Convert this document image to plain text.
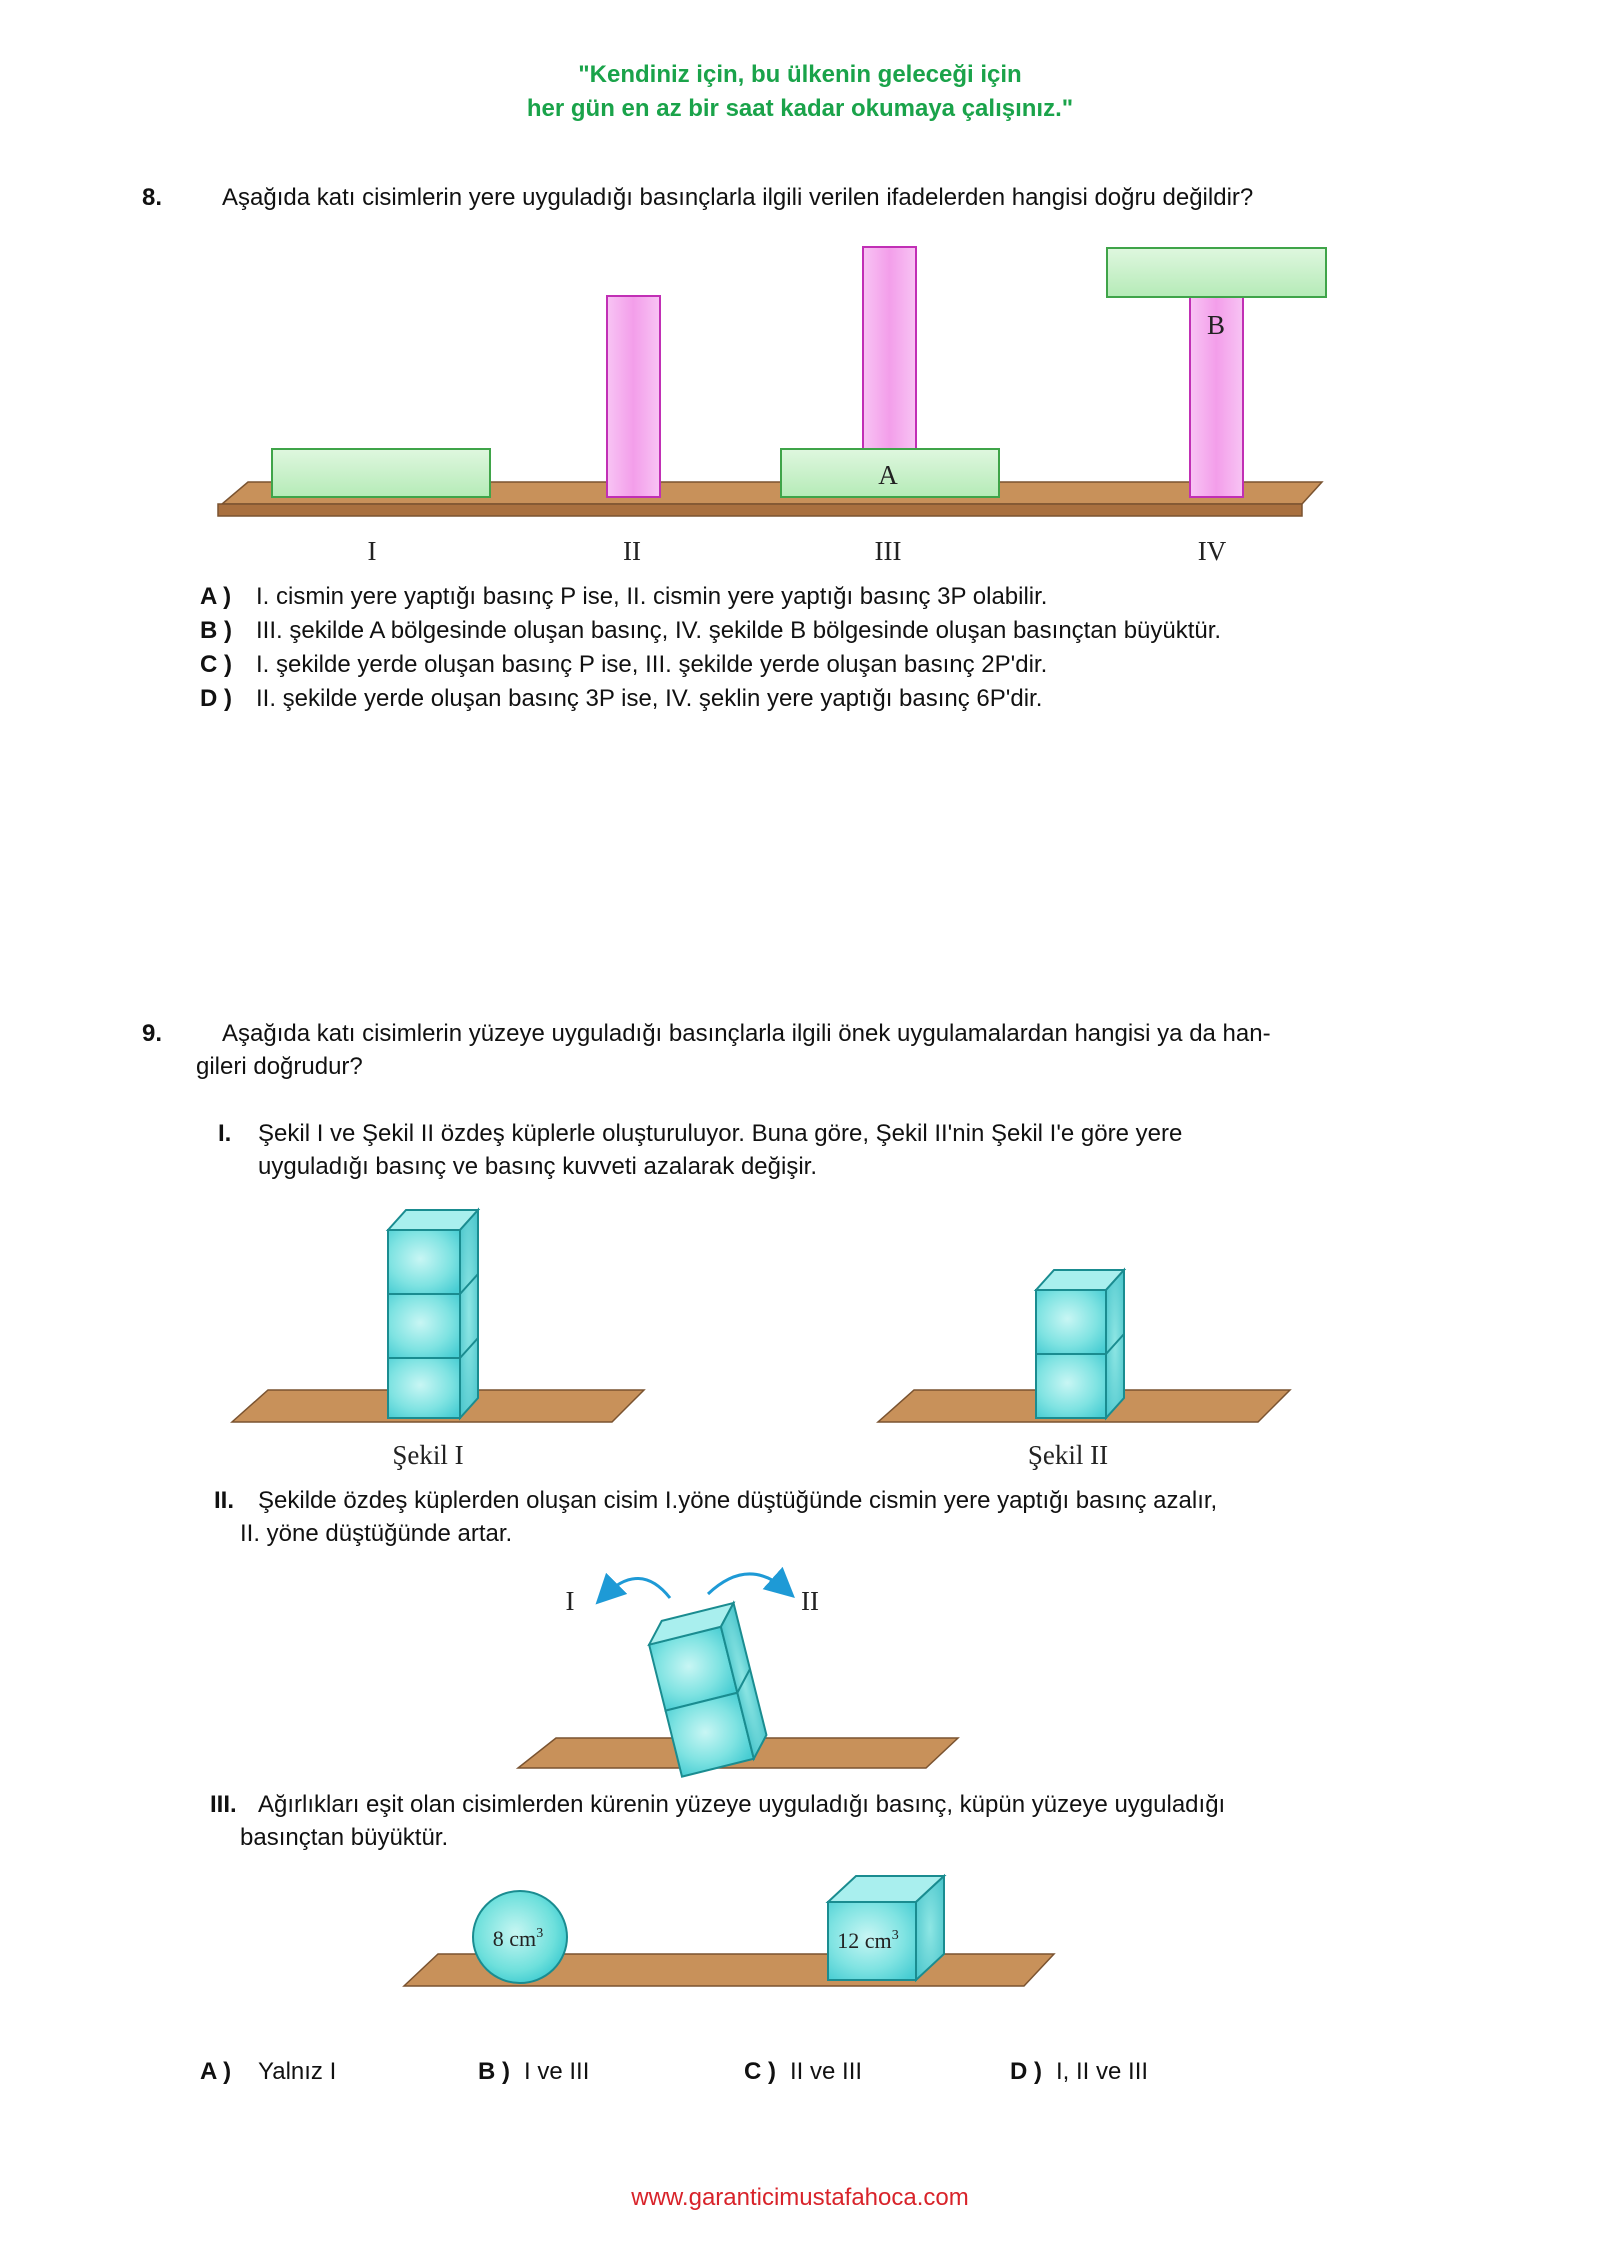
"Kendiniz için, bu ülkenin geleceği için
her gün en az bir saat kadar okumaya çalışınız."
8. Aşağıda katı cisimlerin yere uyguladığı basınçlarla ilgili verilen ifadelerden hangisi doğru değildir?
A
B
I	II	III	IV
Şekil I	Şekil II
I	II
8 $cm^3$	12 $cm^3$
A ) I. cismin yere yaptığı basınç P ise, II. cismin yere yaptığı basınç 3P olabilir.
B ) III. şekilde A bölgesinde oluşan basınç, IV. şekilde B bölgesinde oluşan basınçtan büyüktür.
C ) I. şekilde yerde oluşan basınç P ise, III. şekilde yerde oluşan basınç 2P'dir.
D ) II. şekilde yerde oluşan basınç 3P ise, IV. şeklin yere yaptığı basınç 6P'dir.
9. Aşağıda katı cisimlerin yüzeye uyguladığı basınçlarla ilgili önek uygulamalardan hangisi ya da han-
gileri doğrudur?
I. Şekil I ve Şekil II özdeş küplerle oluşturuluyor. Buna göre, Şekil II'nin Şekil I'e göre yere
uyguladığı basınç ve basınç kuvveti azalarak değişir.
II. Şekilde özdeş küplerden oluşan cisim I.yöne düştüğünde cismin yere yaptığı basınç azalır,
II. yöne düştüğünde artar.
III. Ağırlıkları eşit olan cisimlerden kürenin yüzeye uyguladığı basınç, küpün yüzeye uyguladığı
basınçtan büyüktür.
A ) Yalnız I	B ) I ve III	C ) II ve III	D ) I, II ve III
www.garanticimustafahoca.com
